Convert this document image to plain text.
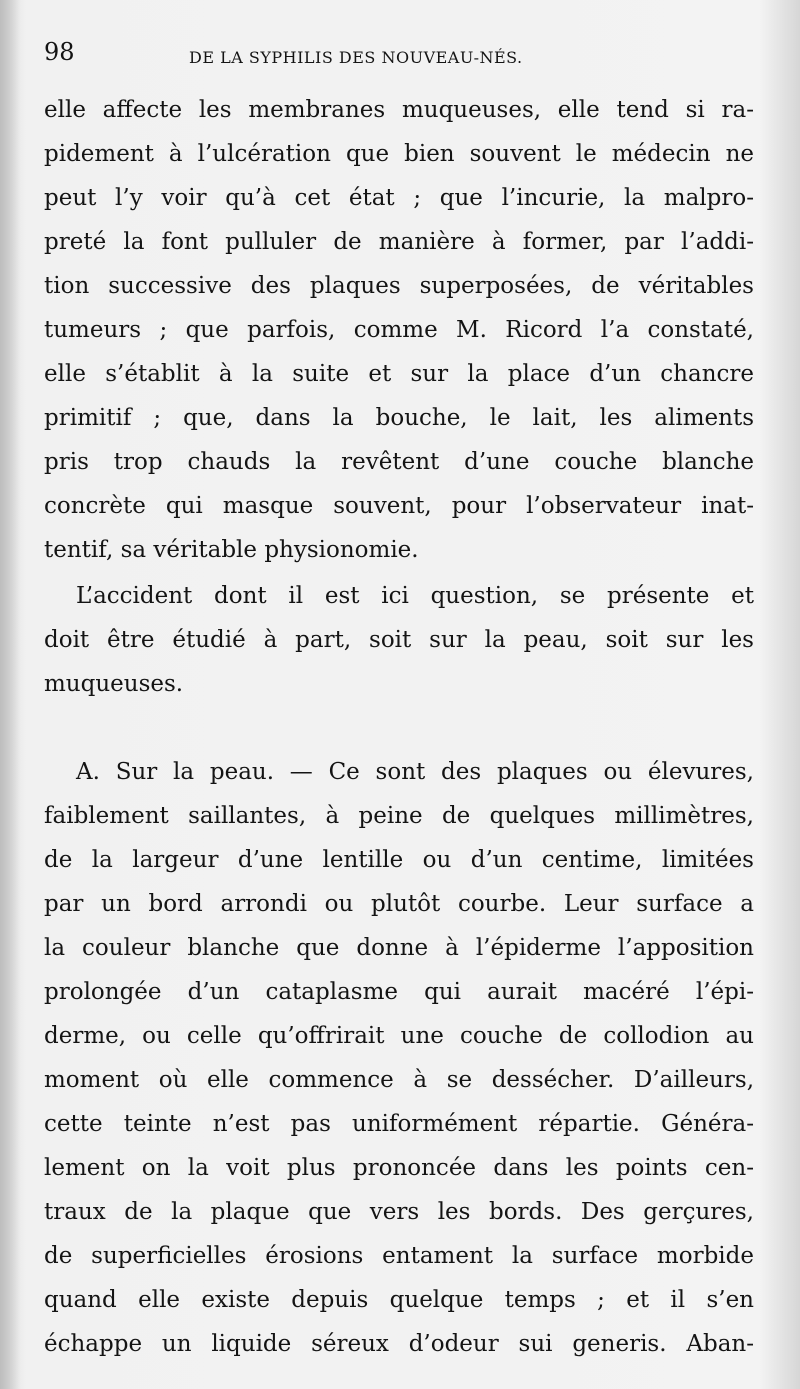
98	DE LA SYPHILIS DES NOUVEAU-NÉS.
elle affecte les membranes muqueuses, elle tend si ra-
pidement à l’ulcération que bien souvent le médecin ne
peut l’y voir qu’à cet état ; que l’incurie, la malpro-
preté la font pulluler de manière à former, par l’addi-
tion successive des plaques superposées, de véritables
tumeurs ; que parfois, comme M. Ricord l’a constaté,
elle s’établit à la suite et sur la place d’un chancre
primitif ; que, dans la bouche, le lait, les aliments
pris trop chauds la revêtent d’une couche blanche
concrète qui masque souvent, pour l’observateur inat-
tentif, sa véritable physionomie.
L’accident dont il est ici question, se présente et
doit être étudié à part, soit sur la peau, soit sur les
muqueuses.
A. Sur la peau. — Ce sont des plaques ou élevures,
faiblement saillantes, à peine de quelques millimètres,
de la largeur d’une lentille ou d’un centime, limitées
par un bord arrondi ou plutôt courbe. Leur surface a
la couleur blanche que donne à l’épiderme l’apposition
prolongée d’un cataplasme qui aurait macéré l’épi-
derme, ou celle qu’offrirait une couche de collodion au
moment où elle commence à se dessécher. D’ailleurs,
cette teinte n’est pas uniformément répartie. Généra-
lement on la voit plus prononcée dans les points cen-
traux de la plaque que vers les bords. Des gerçures,
de superficielles érosions entament la surface morbide
quand elle existe depuis quelque temps ; et il s’en
échappe un liquide séreux d’odeur sui generis. Aban-
